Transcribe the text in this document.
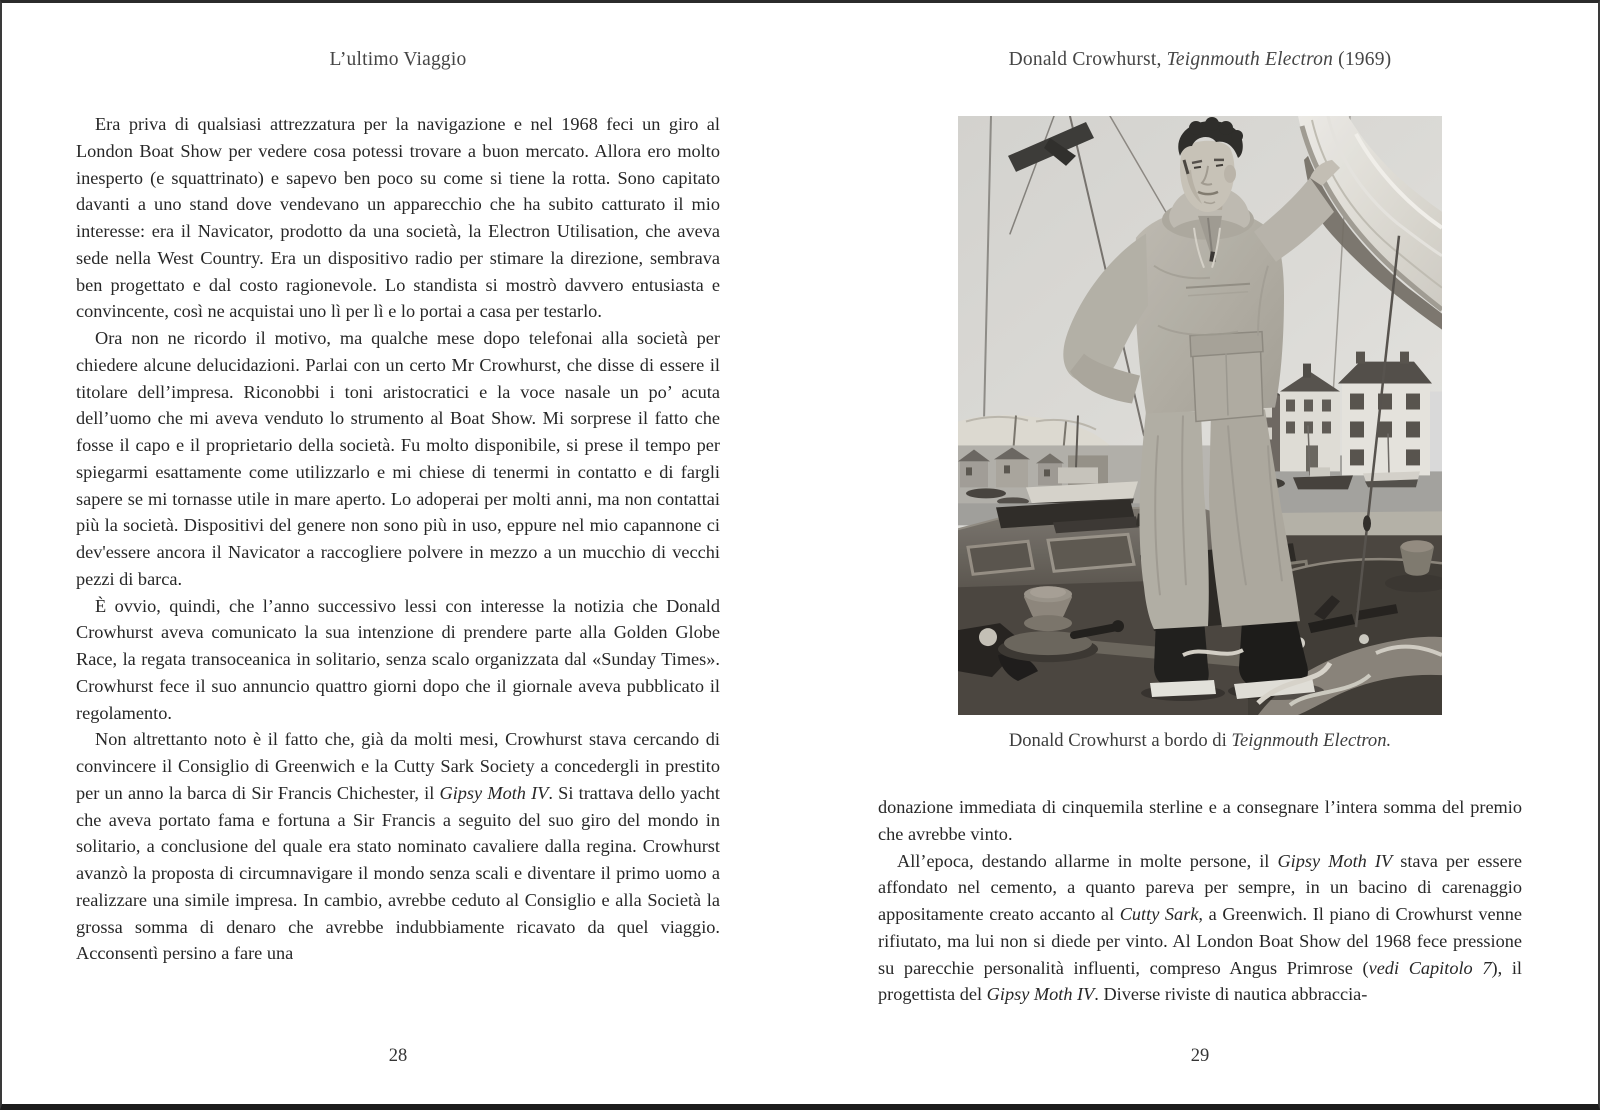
L’ultimo Viaggio

Era priva di qualsiasi attrezzatura per la navigazione e nel 1968 feci un giro al London Boat Show per vedere cosa potessi trovare a buon mercato. Allora ero molto inesperto (e squattrinato) e sapevo ben poco su come si tiene la rotta. Sono capitato davanti a uno stand dove vendevano un apparecchio che ha subito catturato il mio interesse: era il Navicator, prodotto da una società, la Electron Utilisation, che aveva sede nella West Country. Era un dispositivo radio per stimare la direzione, sembrava ben progettato e dal costo ragionevole. Lo standista si mostrò davvero entusiasta e convincente, così ne acquistai uno lì per lì e lo portai a casa per testarlo.

Ora non ne ricordo il motivo, ma qualche mese dopo telefonai alla società per chiedere alcune delucidazioni. Parlai con un certo Mr Crowhurst, che disse di essere il titolare dell’impresa. Riconobbi i toni aristocratici e la voce nasale un po’ acuta dell’uomo che mi aveva venduto lo strumento al Boat Show. Mi sorprese il fatto che fosse il capo e il proprietario della società. Fu molto disponibile, si prese il tempo per spiegarmi esattamente come utilizzarlo e mi chiese di tenermi in contatto e di fargli sapere se mi tornasse utile in mare aperto. Lo adoperai per molti anni, ma non contattai più la società. Dispositivi del genere non sono più in uso, eppure nel mio capannone ci dev'essere ancora il Navicator a raccogliere polvere in mezzo a un mucchio di vecchi pezzi di barca.

È ovvio, quindi, che l’anno successivo lessi con interesse la notizia che Donald Crowhurst aveva comunicato la sua intenzione di prendere parte alla Golden Globe Race, la regata transoceanica in solitario, senza scalo organizzata dal «Sunday Times». Crowhurst fece il suo annuncio quattro giorni dopo che il giornale aveva pubblicato il regolamento.

Non altrettanto noto è il fatto che, già da molti mesi, Crowhurst stava cercando di convincere il Consiglio di Greenwich e la Cutty Sark Society a concedergli in prestito per un anno la barca di Sir Francis Chichester, il Gipsy Moth IV. Si trattava dello yacht che aveva portato fama e fortuna a Sir Francis a seguito del suo giro del mondo in solitario, a conclusione del quale era stato nominato cavaliere dalla regina. Crowhurst avanzò la proposta di circumnavigare il mondo senza scali e diventare il primo uomo a realizzare una simile impresa. In cambio, avrebbe ceduto al Consiglio e alla Società la grossa somma di denaro che avrebbe indubbiamente ricavato da quel viaggio. Acconsentì persino a fare una

28
Donald Crowhurst, Teignmouth Electron (1969)
Donald Crowhurst a bordo di Teignmouth Electron.

donazione immediata di cinquemila sterline e a consegnare l’intera somma del premio che avrebbe vinto.

All’epoca, destando allarme in molte persone, il Gipsy Moth IV stava per essere affondato nel cemento, a quanto pareva per sempre, in un bacino di carenaggio appositamente creato accanto al Cutty Sark, a Greenwich. Il piano di Crowhurst venne rifiutato, ma lui non si diede per vinto. Al London Boat Show del 1968 fece pressione su parecchie personalità influenti, compreso Angus Primrose (vedi Capitolo 7), il progettista del Gipsy Moth IV. Diverse riviste di nautica abbraccia-

29
